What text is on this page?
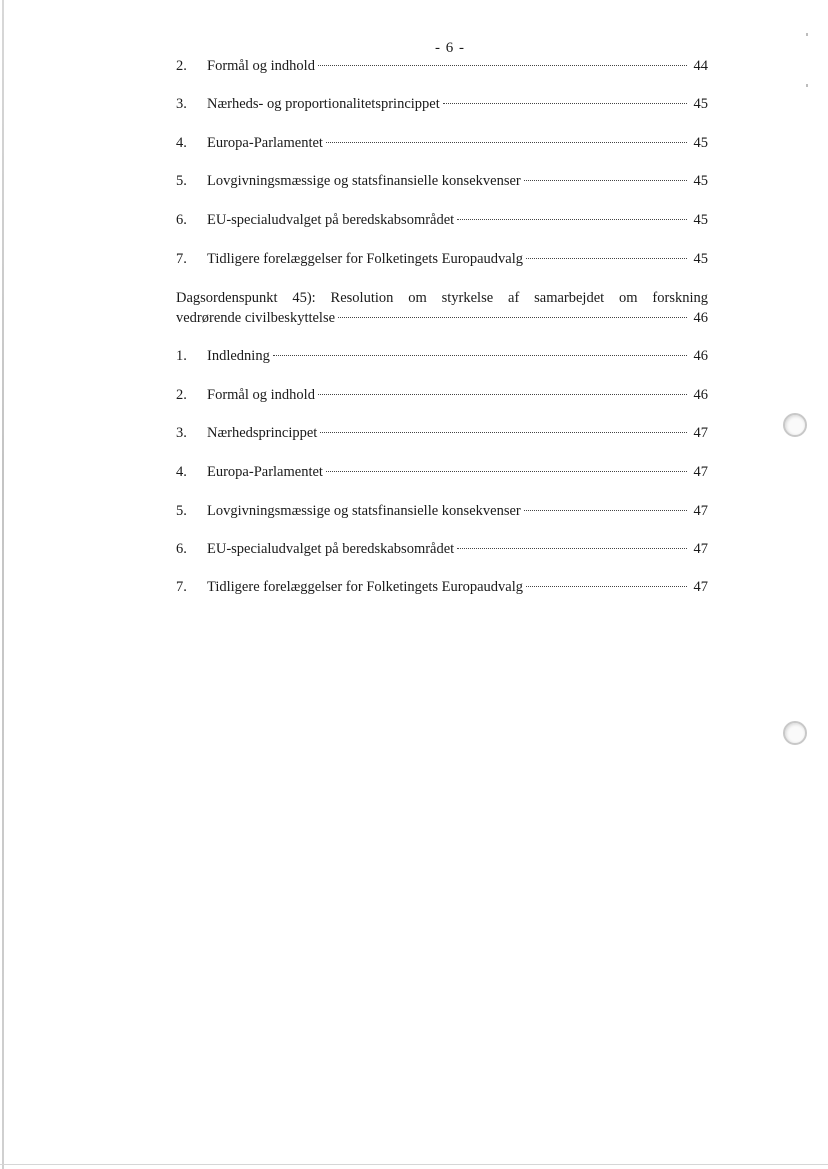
- 6 -
2.	Formål og indhold	44
3.	Nærheds- og proportionalitetsprincippet	45
4.	Europa-Parlamentet	45
5.	Lovgivningsmæssige og statsfinansielle konsekvenser	45
6.	EU-specialudvalget på beredskabsområdet	45
7.	Tidligere forelæggelser for Folketingets Europaudvalg	45
Dagsordenspunkt 45): Resolution om styrkelse af samarbejdet om forskning
vedrørende civilbeskyttelse	46
1.	Indledning	46
2.	Formål og indhold	46
3.	Nærhedsprincippet	47
4.	Europa-Parlamentet	47
5.	Lovgivningsmæssige og statsfinansielle konsekvenser	47
6.	EU-specialudvalget på beredskabsområdet	47
7.	Tidligere forelæggelser for Folketingets Europaudvalg	47
